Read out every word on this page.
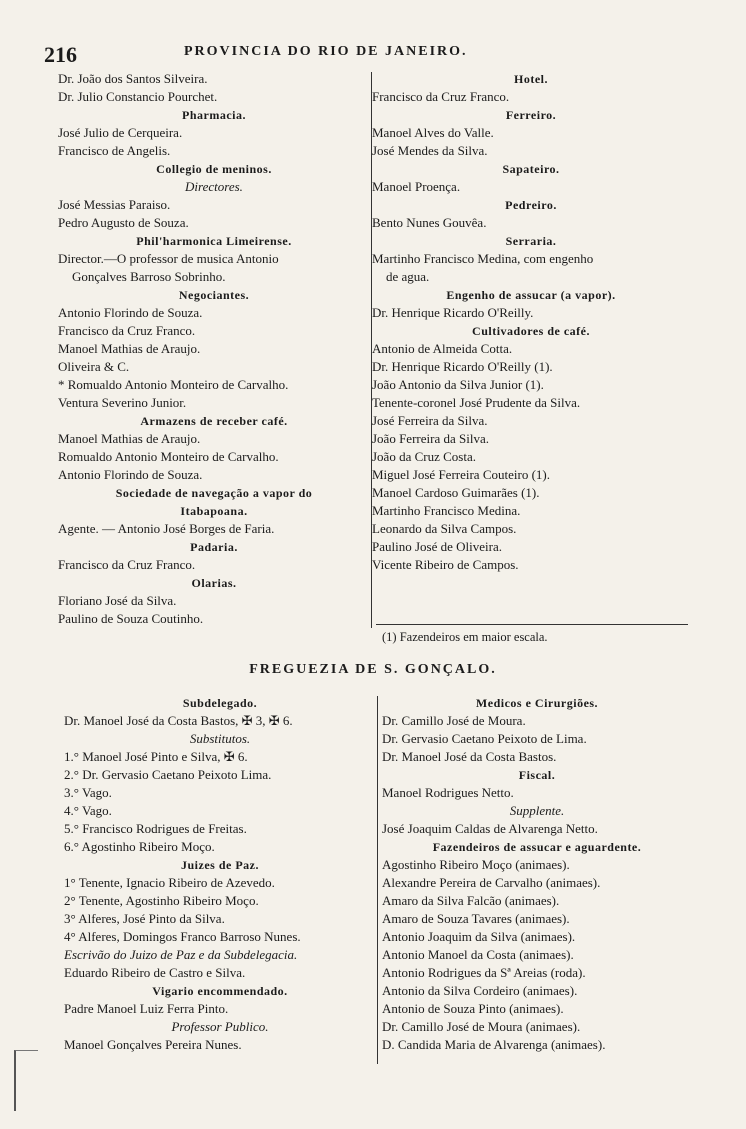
216	PROVINCIA DO RIO DE JANEIRO.
Dr. João dos Santos Silveira.
Dr. Julio Constancio Pourchet.
Pharmacia.
José Julio de Cerqueira.
Francisco de Angelis.
Collegio de meninos.
Directores.
José Messias Paraiso.
Pedro Augusto de Souza.
Phil'harmonica Limeirense.
Director.—O professor de musica Antonio
Gonçalves Barroso Sobrinho.
Negociantes.
Antonio Florindo de Souza.
Francisco da Cruz Franco.
Manoel Mathias de Araujo.
Oliveira & C.
* Romualdo Antonio Monteiro de Carvalho.
Ventura Severino Junior.
Armazens de receber café.
Manoel Mathias de Araujo.
Romualdo Antonio Monteiro de Carvalho.
Antonio Florindo de Souza.
Sociedade de navegação a vapor do
Itabapoana.
Agente. — Antonio José Borges de Faria.
Padaria.
Francisco da Cruz Franco.
Olarias.
Floriano José da Silva.
Paulino de Souza Coutinho.
Hotel.
Francisco da Cruz Franco.
Ferreiro.
Manoel Alves do Valle.
José Mendes da Silva.
Sapateiro.
Manoel Proença.
Pedreiro.
Bento Nunes Gouvêa.
Serraria.
Martinho Francisco Medina, com engenho
de agua.
Engenho de assucar (a vapor).
Dr. Henrique Ricardo O'Reilly.
Cultivadores de café.
Antonio de Almeida Cotta.
Dr. Henrique Ricardo O'Reilly (1).
João Antonio da Silva Junior (1).
Tenente-coronel José Prudente da Silva.
José Ferreira da Silva.
João Ferreira da Silva.
João da Cruz Costa.
Miguel José Ferreira Couteiro (1).
Manoel Cardoso Guimarães (1).
Martinho Francisco Medina.
Leonardo da Silva Campos.
Paulino José de Oliveira.
Vicente Ribeiro de Campos.
(1) Fazendeiros em maior escala.
FREGUEZIA DE S. GONÇALO.
Subdelegado.
Dr. Manoel José da Costa Bastos, ✠ 3, ✠ 6.
Substitutos.
1.° Manoel José Pinto e Silva, ✠ 6.
2.° Dr. Gervasio Caetano Peixoto Lima.
3.° Vago.
4.° Vago.
5.° Francisco Rodrigues de Freitas.
6.° Agostinho Ribeiro Moço.
Juizes de Paz.
1° Tenente, Ignacio Ribeiro de Azevedo.
2° Tenente, Agostinho Ribeiro Moço.
3° Alferes, José Pinto da Silva.
4° Alferes, Domingos Franco Barroso Nunes.
Escrivão do Juizo de Paz e da Subdelegacia.
Eduardo Ribeiro de Castro e Silva.
Vigario encommendado.
Padre Manoel Luiz Ferra Pinto.
Professor Publico.
Manoel Gonçalves Pereira Nunes.
Medicos e Cirurgiões.
Dr. Camillo José de Moura.
Dr. Gervasio Caetano Peixoto de Lima.
Dr. Manoel José da Costa Bastos.
Fiscal.
Manoel Rodrigues Netto.
Supplente.
José Joaquim Caldas de Alvarenga Netto.
Fazendeiros de assucar e aguardente.
Agostinho Ribeiro Moço (animaes).
Alexandre Pereira de Carvalho (animaes).
Amaro da Silva Falcão (animaes).
Amaro de Souza Tavares (animaes).
Antonio Joaquim da Silva (animaes).
Antonio Manoel da Costa (animaes).
Antonio Rodrigues da Sª Areias (roda).
Antonio da Silva Cordeiro (animaes).
Antonio de Souza Pinto (animaes).
Dr. Camillo José de Moura (animaes).
D. Candida Maria de Alvarenga (animaes).
